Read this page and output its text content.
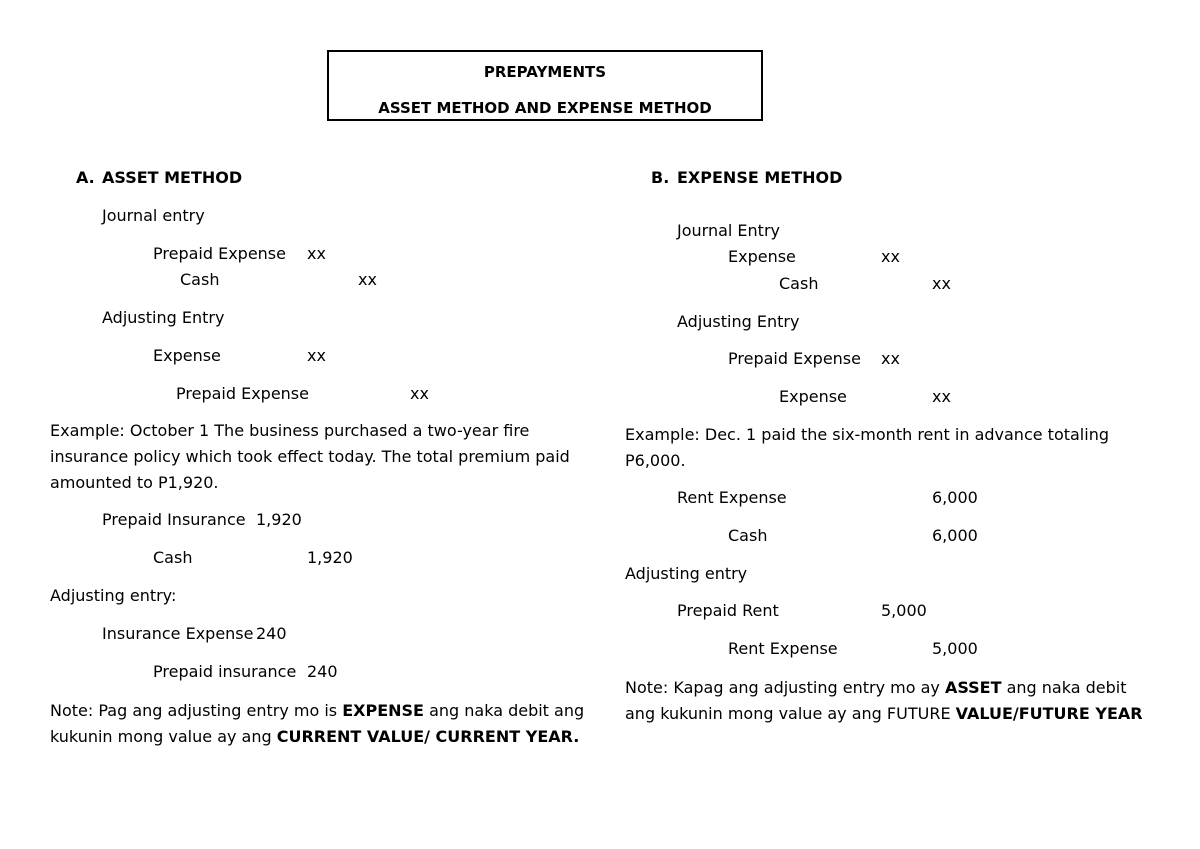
PREPAYMENTS
ASSET METHOD AND EXPENSE METHOD
A. ASSET METHOD
Journal entry
Prepaid Expense xx
Cash	xx
Adjusting Entry
Expense	xx
Prepaid Expense	xx
Example: October 1 The business purchased a two-year fire insurance policy which took effect today. The total premium paid amounted to P1,920.
Prepaid Insurance 1,920
Cash	1,920
Adjusting entry:
Insurance Expense 240
Prepaid insurance 240
Note: Pag ang adjusting entry mo is EXPENSE ang naka debit ang kukunin mong value ay ang CURRENT VALUE/ CURRENT YEAR.
B. EXPENSE METHOD
Journal Entry
Expense	xx
Cash	xx
Adjusting Entry
Prepaid Expense xx
Expense	xx
Example: Dec. 1 paid the six-month rent in advance totaling P6,000.
Rent Expense	6,000
Cash	6,000
Adjusting entry
Prepaid Rent	5,000
Rent Expense	5,000
Note: Kapag ang adjusting entry mo ay ASSET ang naka debit ang kukunin mong value ay ang FUTURE VALUE/FUTURE YEAR
